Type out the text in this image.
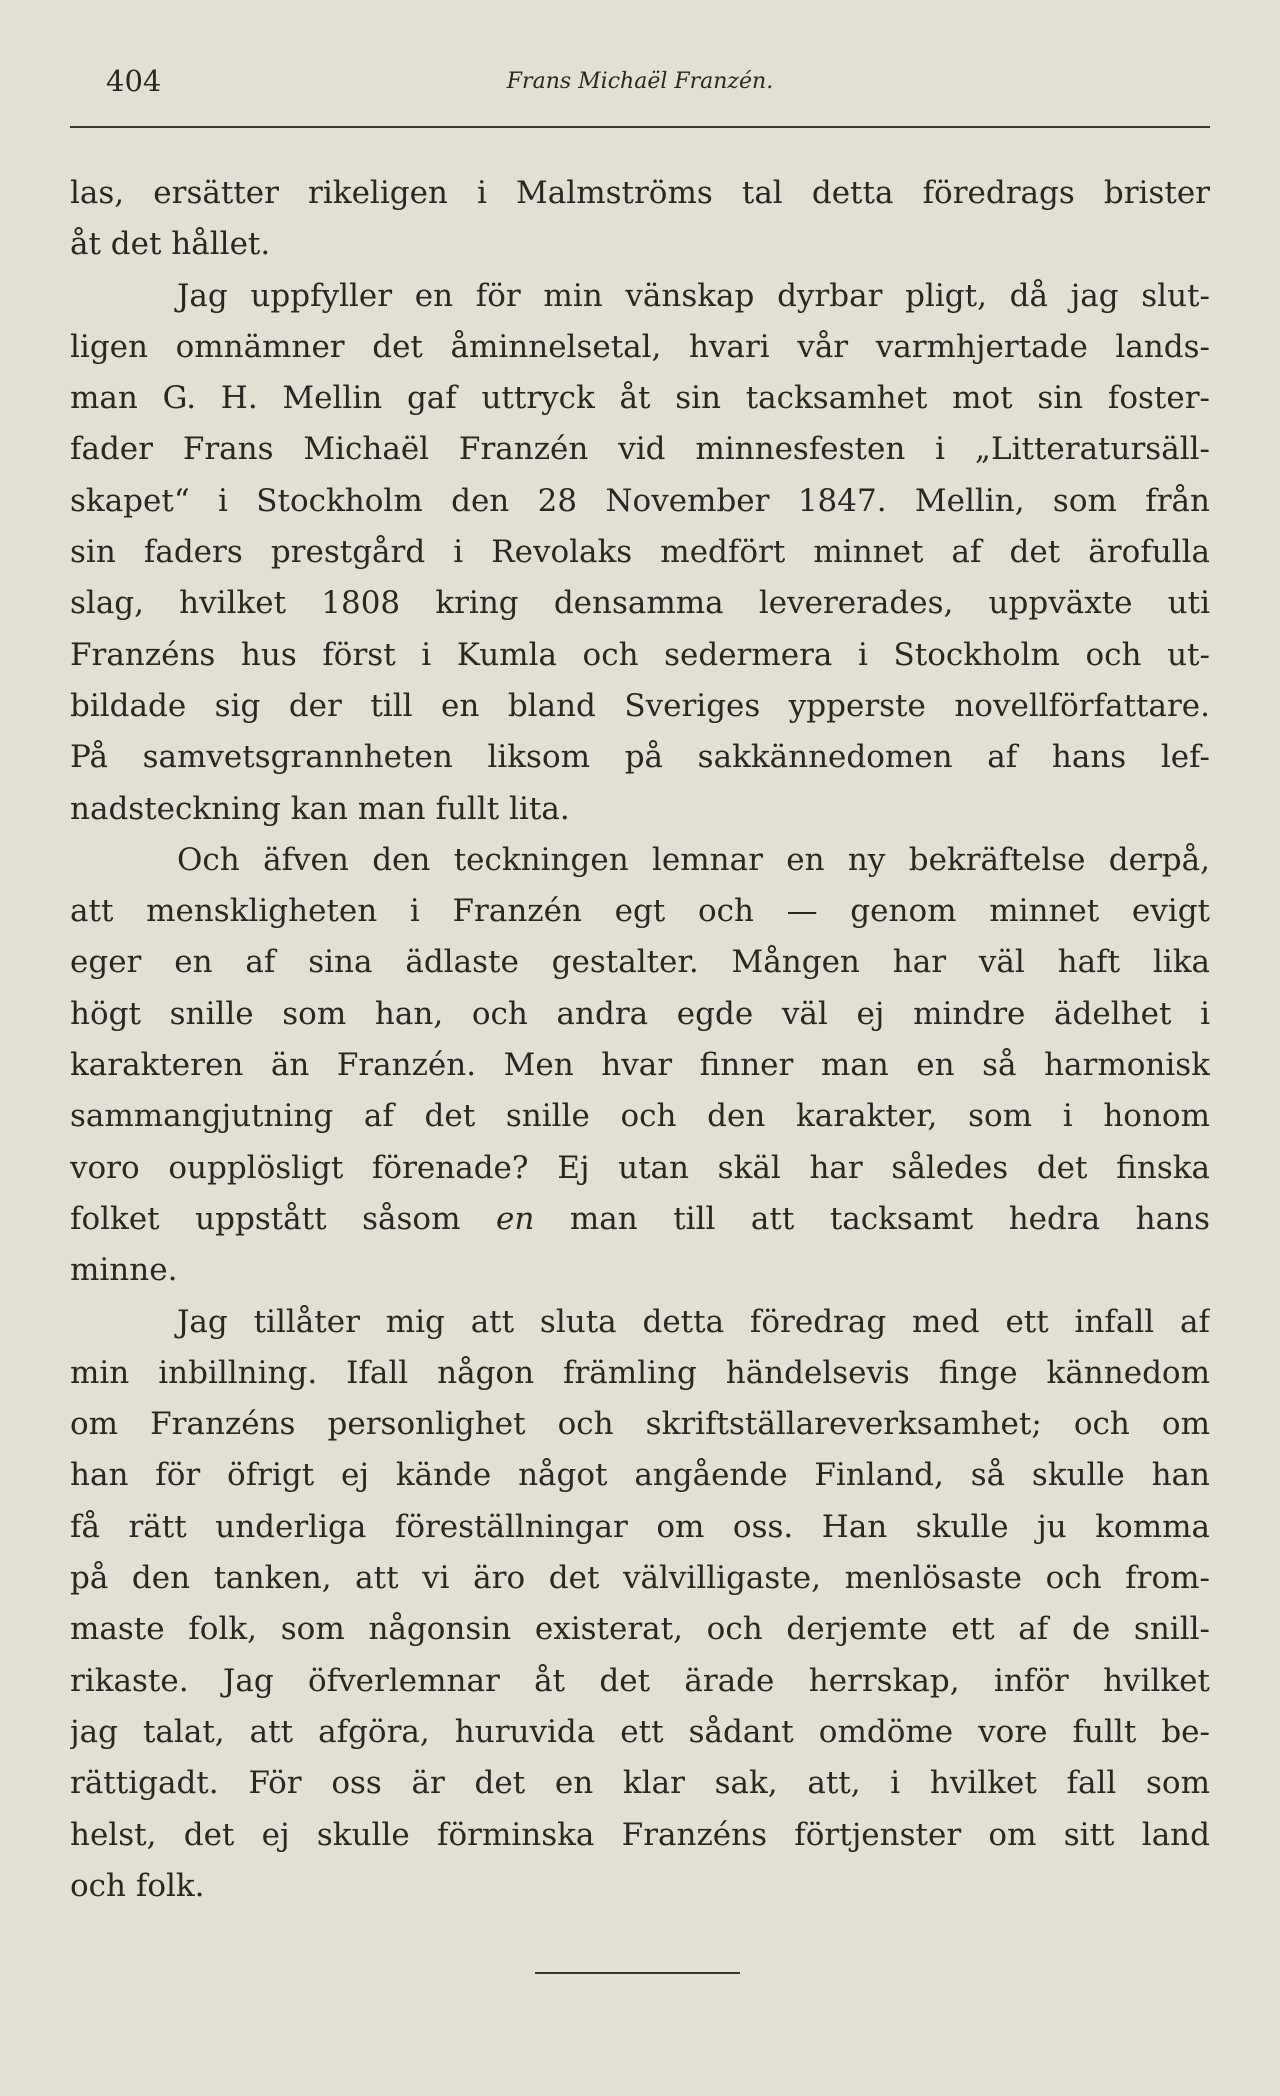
404	Frans Michaël Franzén.
las, ersätter rikeligen i Malmströms tal detta föredrags brister
åt det hållet.
Jag uppfyller en för min vänskap dyrbar pligt, då jag slut-
ligen omnämner det åminnelsetal, hvari vår varmhjertade lands-
man G. H. Mellin gaf uttryck åt sin tacksamhet mot sin foster-
fader Frans Michaël Franzén vid minnesfesten i „Litteratursäll-
skapet“ i Stockholm den 28 November 1847. Mellin, som från
sin faders prestgård i Revolaks medfört minnet af det ärofulla
slag, hvilket 1808 kring densamma levererades, uppväxte uti
Franzéns hus först i Kumla och sedermera i Stockholm och ut-
bildade sig der till en bland Sveriges ypperste novellförfattare.
På samvetsgrannheten liksom på sakkännedomen af hans lef-
nadsteckning kan man fullt lita.
Och äfven den teckningen lemnar en ny bekräftelse derpå,
att menskligheten i Franzén egt och — genom minnet evigt
eger en af sina ädlaste gestalter. Mången har väl haft lika
högt snille som han, och andra egde väl ej mindre ädelhet i
karakteren än Franzén. Men hvar finner man en så harmonisk
sammangjutning af det snille och den karakter, som i honom
voro oupplösligt förenade? Ej utan skäl har således det finska
folket uppstått såsom en man till att tacksamt hedra hans
minne.
Jag tillåter mig att sluta detta föredrag med ett infall af
min inbillning. Ifall någon främling händelsevis finge kännedom
om Franzéns personlighet och skriftställareverksamhet; och om
han för öfrigt ej kände något angående Finland, så skulle han
få rätt underliga föreställningar om oss. Han skulle ju komma
på den tanken, att vi äro det välvilligaste, menlösaste och from-
maste folk, som någonsin existerat, och derjemte ett af de snill-
rikaste. Jag öfverlemnar åt det ärade herrskap, inför hvilket
jag talat, att afgöra, huruvida ett sådant omdöme vore fullt be-
rättigadt. För oss är det en klar sak, att, i hvilket fall som
helst, det ej skulle förminska Franzéns förtjenster om sitt land
och folk.
